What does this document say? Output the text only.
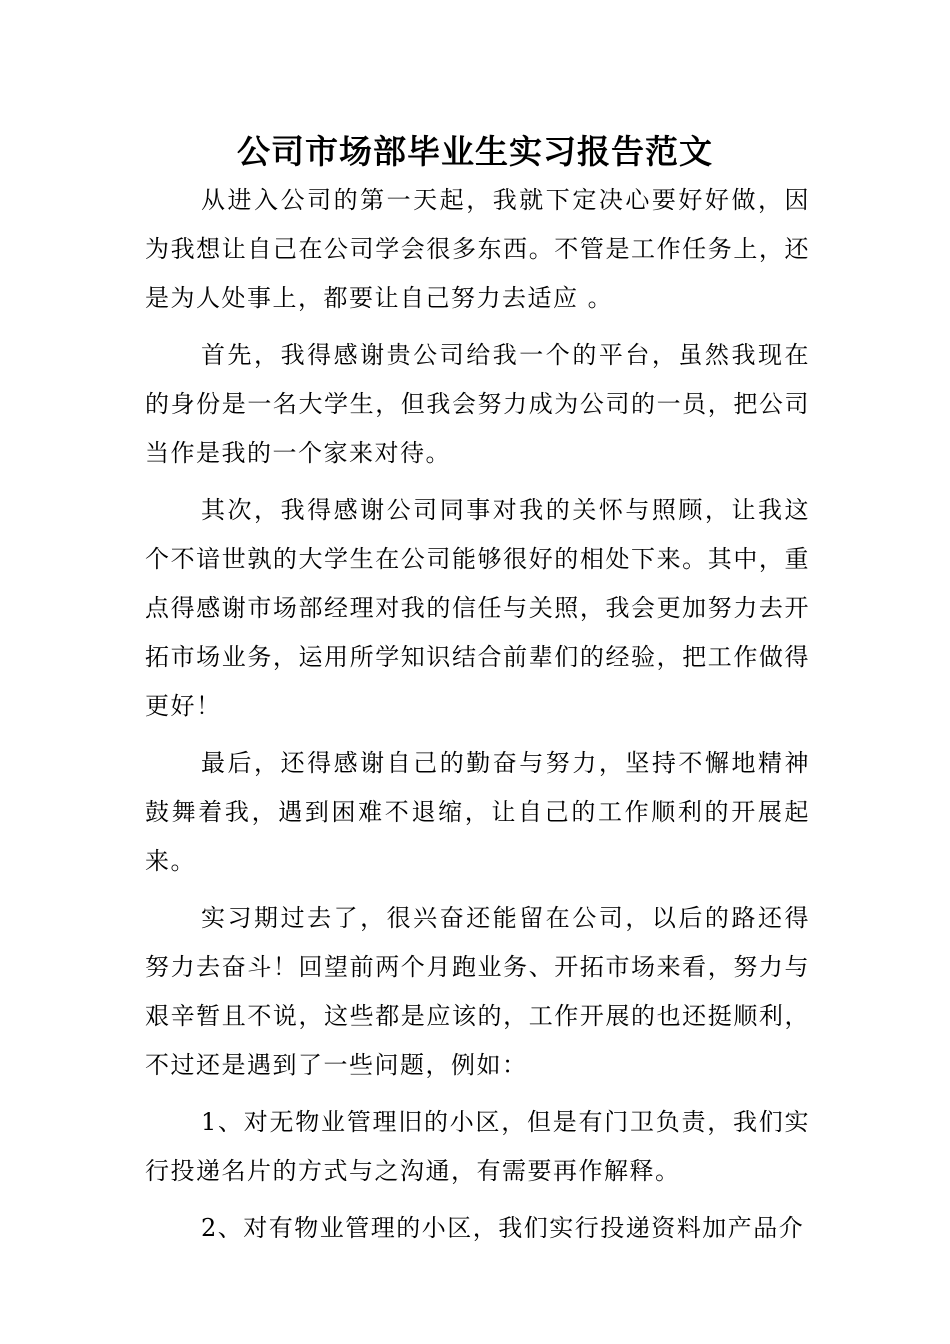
公司市场部毕业生实习报告范文

从进入公司的第一天起，我就下定决心要好好做，因为我想让自己在公司学会很多东西。不管是工作任务上，还是为人处事上，都要让自己努力去适应 。

首先，我得感谢贵公司给我一个的平台，虽然我现在的身份是一名大学生，但我会努力成为公司的一员，把公司当作是我的一个家来对待。

其次，我得感谢公司同事对我的关怀与照顾，让我这个不谙世孰的大学生在公司能够很好的相处下来。其中，重点得感谢市场部经理对我的信任与关照，我会更加努力去开拓市场业务，运用所学知识结合前辈们的经验，把工作做得更好！

最后，还得感谢自己的勤奋与努力，坚持不懈地精神鼓舞着我，遇到困难不退缩，让自己的工作顺利的开展起来。

实习期过去了，很兴奋还能留在公司，以后的路还得努力去奋斗！回望前两个月跑业务、开拓市场来看，努力与艰辛暂且不说，这些都是应该的，工作开展的也还挺顺利，不过还是遇到了一些问题，例如：

1、对无物业管理旧的小区，但是有门卫负责，我们实行投递名片的方式与之沟通，有需要再作解释。

2、对有物业管理的小区，我们实行投递资料加产品介
